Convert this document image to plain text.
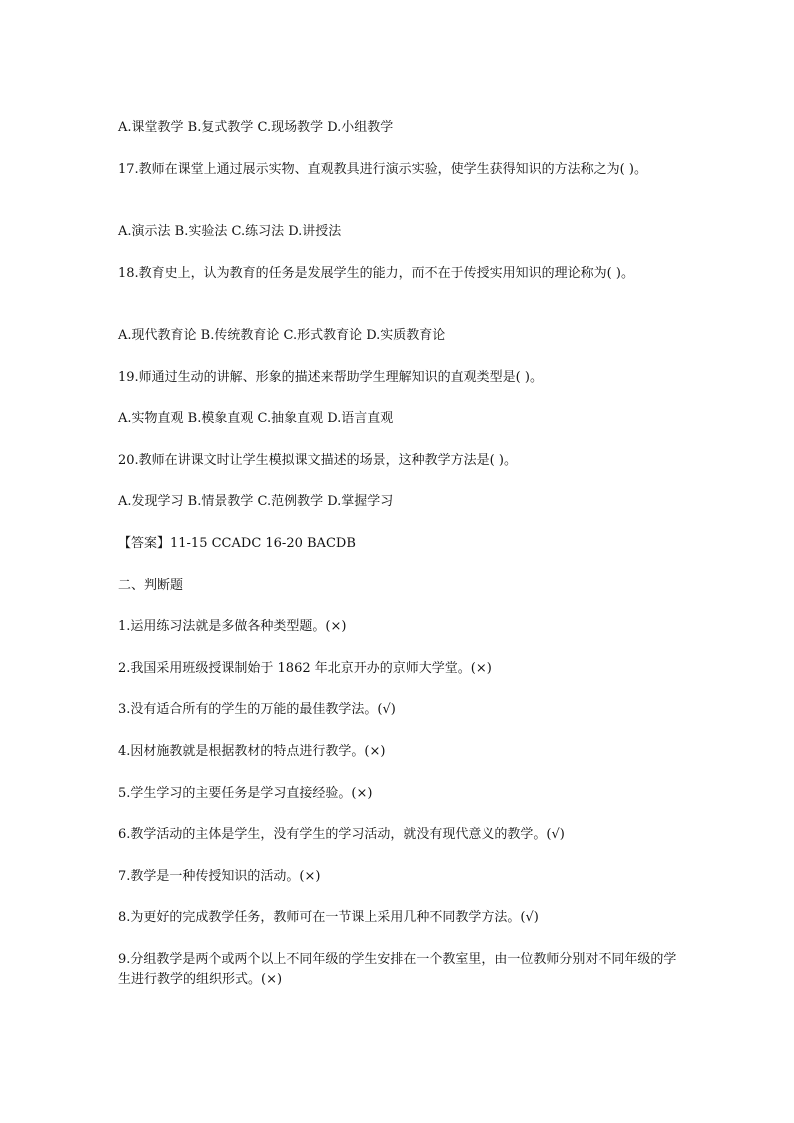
A.课堂教学 B.复式教学 C.现场教学 D.小组教学
17.教师在课堂上通过展示实物、直观教具进行演示实验，使学生获得知识的方法称之为( )。
A.演示法 B.实验法 C.练习法 D.讲授法
18.教育史上，认为教育的任务是发展学生的能力，而不在于传授实用知识的理论称为( )。
A.现代教育论 B.传统教育论 C.形式教育论 D.实质教育论
19.师通过生动的讲解、形象的描述来帮助学生理解知识的直观类型是( )。
A.实物直观 B.模象直观 C.抽象直观 D.语言直观
20.教师在讲课文时让学生模拟课文描述的场景，这种教学方法是( )。
A.发现学习 B.情景教学 C.范例教学 D.掌握学习
【答案】11-15 CCADC 16-20 BACDB
二、判断题
1.运用练习法就是多做各种类型题。(×)
2.我国采用班级授课制始于 1862 年北京开办的京师大学堂。(×)
3.没有适合所有的学生的万能的最佳教学法。(√)
4.因材施教就是根据教材的特点进行教学。(×)
5.学生学习的主要任务是学习直接经验。(×)
6.教学活动的主体是学生，没有学生的学习活动，就没有现代意义的教学。(√)
7.教学是一种传授知识的活动。(×)
8.为更好的完成教学任务，教师可在一节课上采用几种不同教学方法。(√)
9.分组教学是两个或两个以上不同年级的学生安排在一个教室里，由一位教师分别对不同年级的学生进行教学的组织形式。(×)
